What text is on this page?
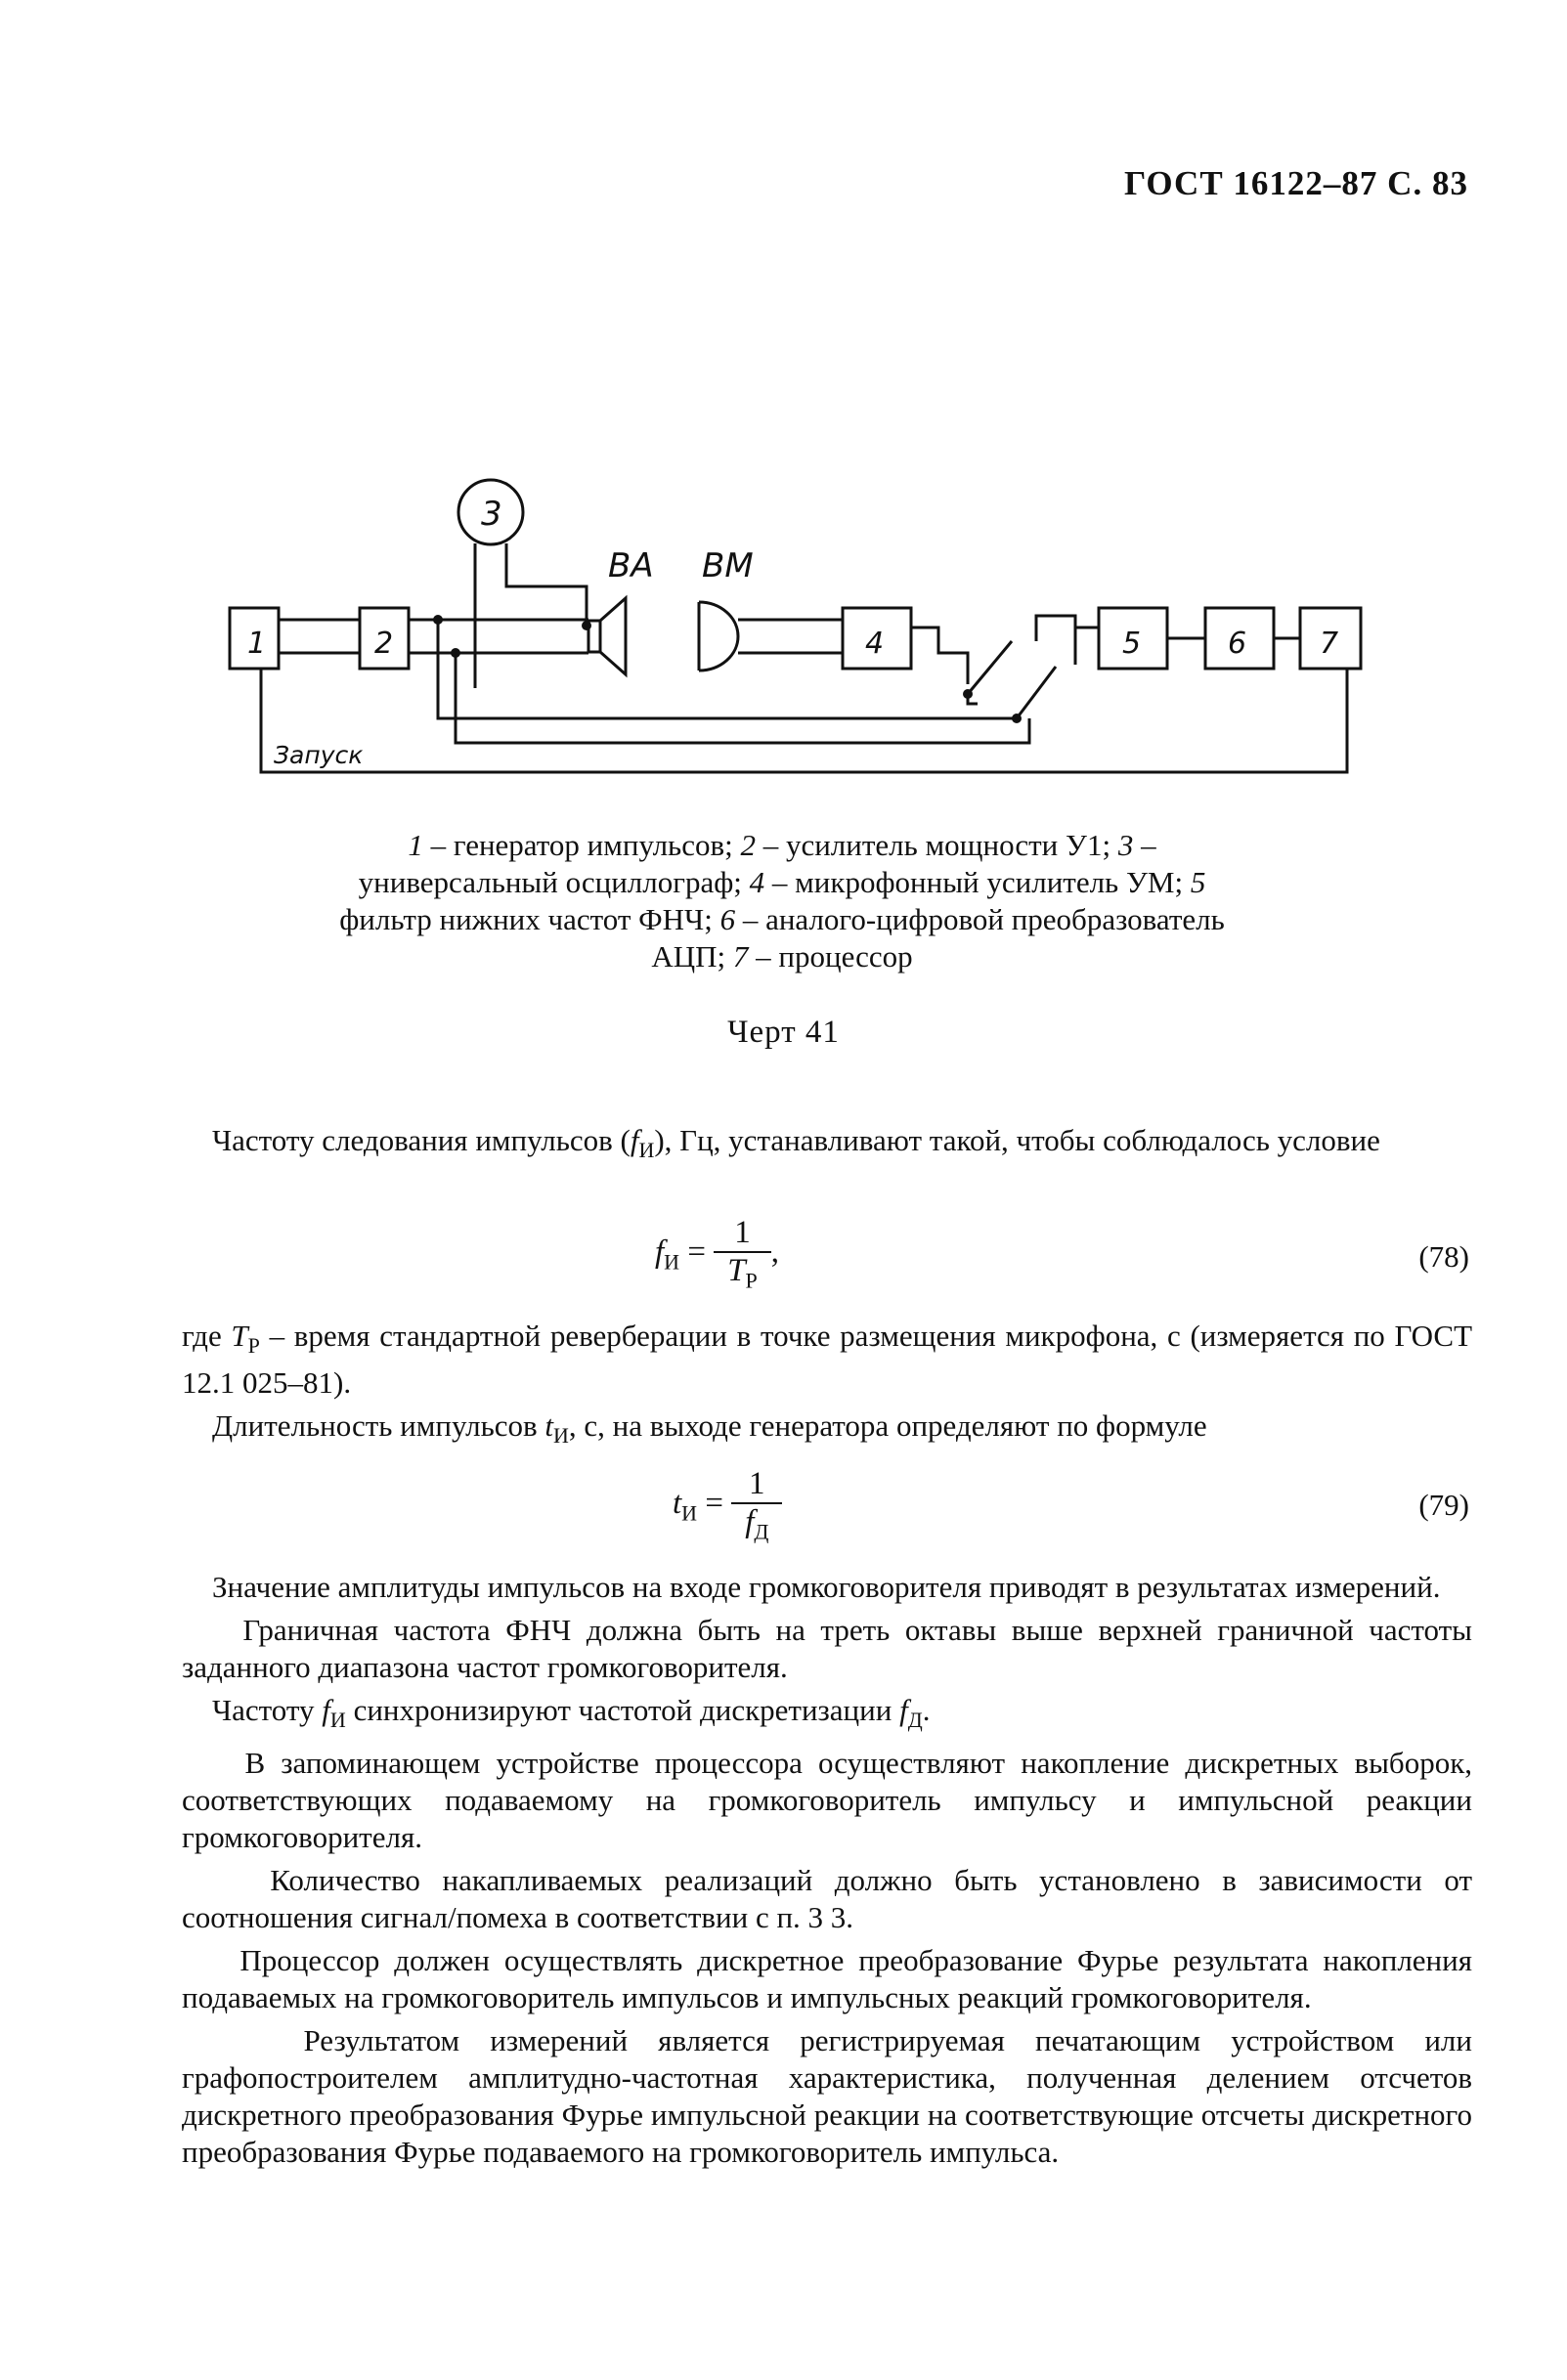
ГОСТ 16122–87 С. 83
1	2
3
4	5	6 7
BA BM
Запуск
1 – генератор импульсов; 2 – усилитель мощности У1; 3 – универсальный осциллограф; 4 – микрофонный усилитель УМ; 5 фильтр нижних частот ФНЧ; 6 – аналого-цифровой преобразователь АЦП; 7 – процессор
Черт 41

Частоту следования импульсов $(f_И)$, Гц, устанавливают такой, чтобы соблюдалось условие

$f_И = \frac{1}{T_P}$ ,	(78)

где $T_P$ – время стандартной реверберации в точке размещения микрофона, с (измеряется по ГОСТ 12.1 025–81).

Длительность импульсов $t_И$, с, на выходе генератора определяют по формуле

$t_И = \frac{1}{f_Д}$	(79)

Значение амплитуды импульсов на входе громкоговорителя приводят в результатах измерений.

Граничная частота ФНЧ должна быть на треть октавы выше верхней граничной частоты заданного диапазона частот громкоговорителя.

Частоту $f_И$ синхронизируют частотой дискретизации $f_Д$.

В запоминающем устройстве процессора осуществляют накопление дискретных выборок, соответствующих подаваемому на громкоговоритель импульсу и импульсной реакции громкоговорителя.

Количество накапливаемых реализаций должно быть установлено в зависимости от соотношения сигнал/помеха в соответствии с п. 3 3.

Процессор должен осуществлять дискретное преобразование Фурье результата накопления подаваемых на громкоговоритель импульсов и импульсных реакций громкоговорителя.

Результатом измерений является регистрируемая печатающим устройством или графопостроителем амплитудно-частотная характеристика, полученная делением отсчетов дискретного преобразования Фурье импульсной реакции на соответствующие отсчеты дискретного преобразования Фурье подаваемого на громкоговоритель импульса.
